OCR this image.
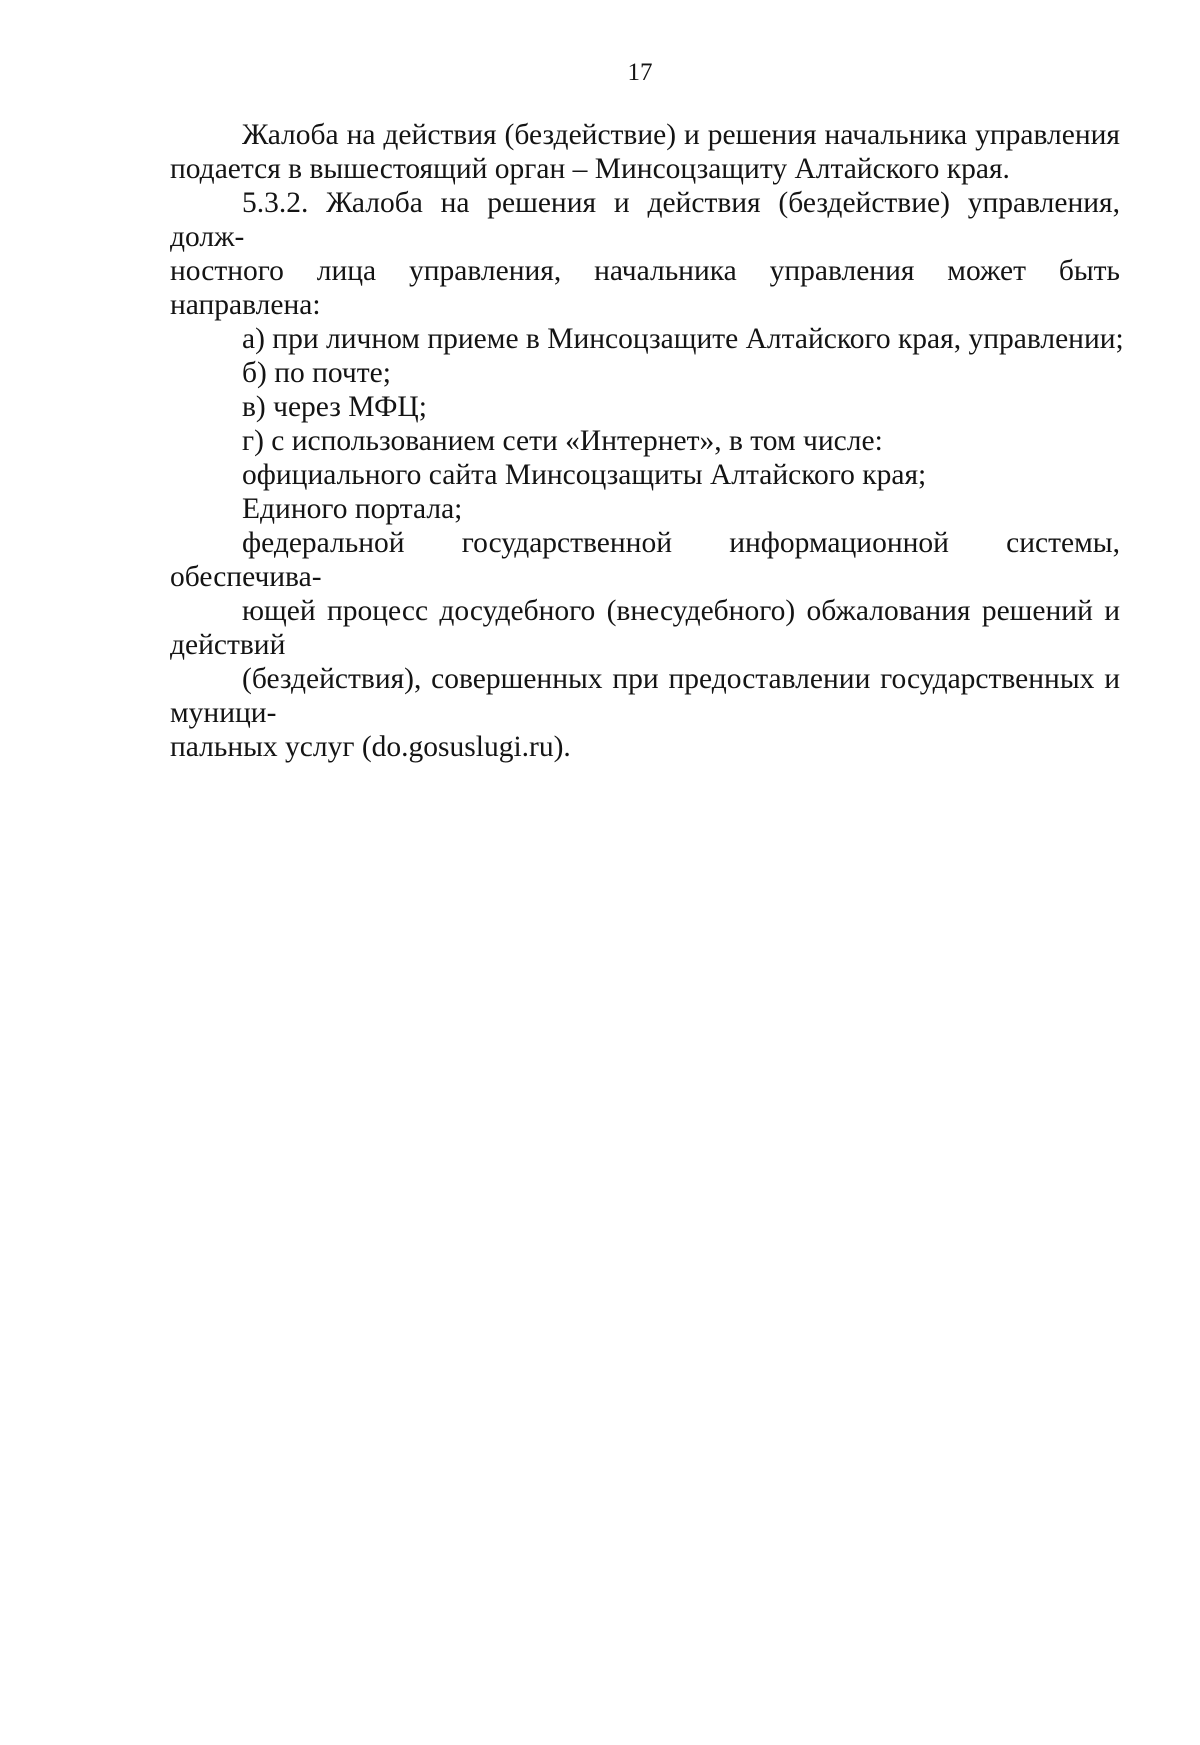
17
Жалоба на действия (бездействие) и решения начальника управления
подается в вышестоящий орган – Минсоцзащиту Алтайского края.
5.3.2. Жалоба на решения и действия (бездействие) управления, долж-
ностного лица управления, начальника управления может быть направлена:

а) при личном приеме в Минсоцзащите Алтайского края, управлении;

б) по почте;

в) через МФЦ;

г) с использованием сети «Интернет», в том числе:

официального сайта Минсоцзащиты Алтайского края;

Единого портала;

федеральной государственной информационной системы, обеспечива-
ющей процесс досудебного (внесудебного) обжалования решений и действий
(бездействия), совершенных при предоставлении государственных и муници-
пальных услуг (do.gosuslugi.ru).
